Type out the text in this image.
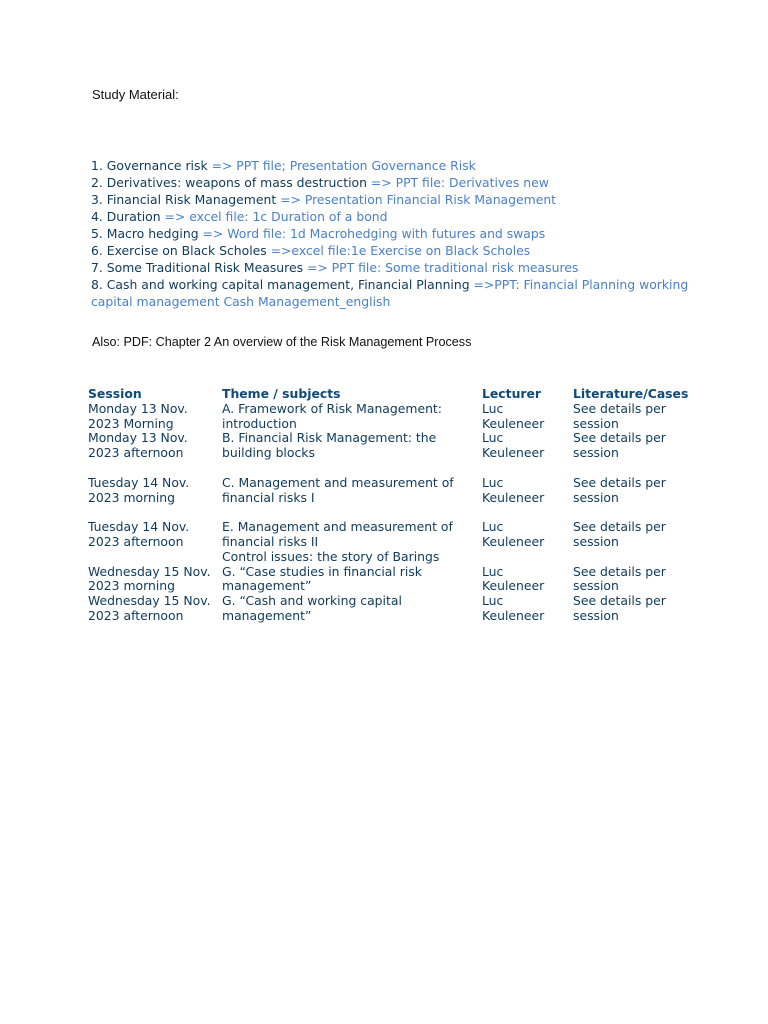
Study Material:
1. Governance risk => PPT file; Presentation Governance Risk
2. Derivatives: weapons of mass destruction => PPT file: Derivatives new
3. Financial Risk Management => Presentation Financial Risk Management
4. Duration => excel file: 1c Duration of a bond
5. Macro hedging => Word file: 1d Macrohedging with futures and swaps
6. Exercise on Black Scholes =>excel file:1e Exercise on Black Scholes
7. Some Traditional Risk Measures => PPT file: Some traditional risk measures
8. Cash and working capital management, Financial Planning =>PPT: Financial Planning working capital management Cash Management_english
Also: PDF: Chapter 2 An overview of the Risk Management Process
Session	Theme / subjects	Lecturer	Literature/Cases
Monday 13 Nov. 2023 Morning	A. Framework of Risk Management: introduction	Luc Keuleneer	See details per session
Monday 13 Nov. 2023 afternoon	B. Financial Risk Management: the building blocks	Luc Keuleneer	See details per session
Tuesday 14 Nov. 2023 morning	C. Management and measurement of financial risks I	Luc Keuleneer	See details per session
Tuesday 14 Nov. 2023 afternoon	E. Management and measurement of financial risks II	Luc Keuleneer	See details per session
	Control issues: the story of Barings		
Wednesday 15 Nov. 2023 morning	G. “Case studies in financial risk management”	Luc Keuleneer	See details per session
Wednesday 15 Nov. 2023 afternoon	G. “Cash and working capital management”	Luc Keuleneer	See details per session
